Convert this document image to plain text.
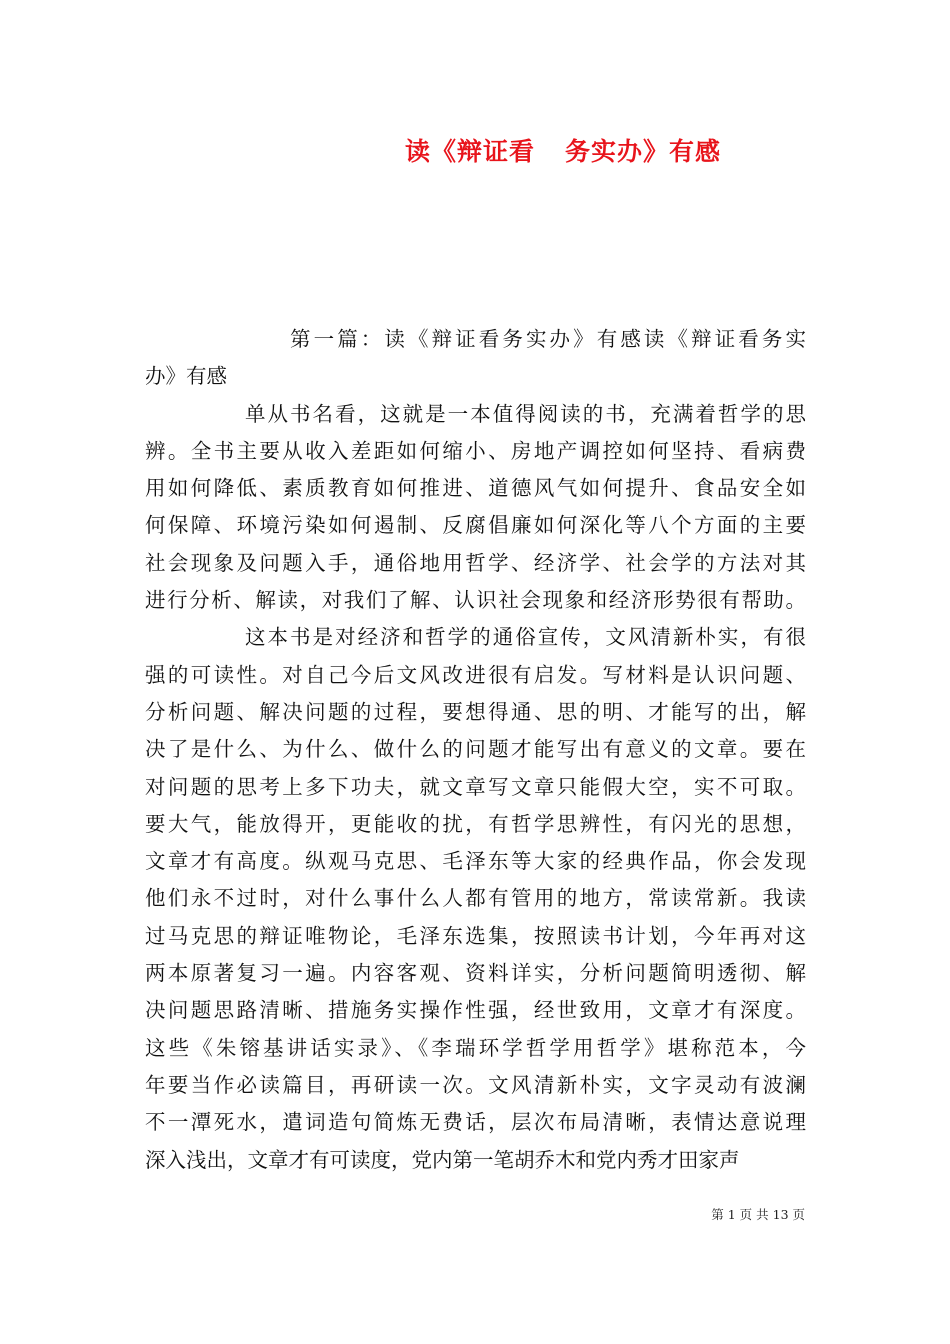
读《辩证看 务实办》有感
第一篇：读《辩证看务实办》有感读《辩证看务实
办》有感
单从书名看，这就是一本值得阅读的书，充满着哲学的思
辨。全书主要从收入差距如何缩小、房地产调控如何坚持、看病费
用如何降低、素质教育如何推进、道德风气如何提升、食品安全如
何保障、环境污染如何遏制、反腐倡廉如何深化等八个方面的主要
社会现象及问题入手，通俗地用哲学、经济学、社会学的方法对其
进行分析、解读，对我们了解、认识社会现象和经济形势很有帮助。
这本书是对经济和哲学的通俗宣传，文风清新朴实，有很
强的可读性。对自己今后文风改进很有启发。写材料是认识问题、
分析问题、解决问题的过程，要想得通、思的明、才能写的出，解
决了是什么、为什么、做什么的问题才能写出有意义的文章。要在
对问题的思考上多下功夫，就文章写文章只能假大空，实不可取。
要大气，能放得开，更能收的扰，有哲学思辨性，有闪光的思想，
文章才有高度。纵观马克思、毛泽东等大家的经典作品，你会发现
他们永不过时，对什么事什么人都有管用的地方，常读常新。我读
过马克思的辩证唯物论，毛泽东选集，按照读书计划，今年再对这
两本原著复习一遍。内容客观、资料详实，分析问题简明透彻、解
决问题思路清晰、措施务实操作性强，经世致用，文章才有深度。
这些《朱镕基讲话实录》、《李瑞环学哲学用哲学》堪称范本，今
年要当作必读篇目，再研读一次。文风清新朴实，文字灵动有波澜
不一潭死水，遣词造句简炼无费话，层次布局清晰，表情达意说理
深入浅出，文章才有可读度，党内第一笔胡乔木和党内秀才田家声
第 1 页 共 13 页
